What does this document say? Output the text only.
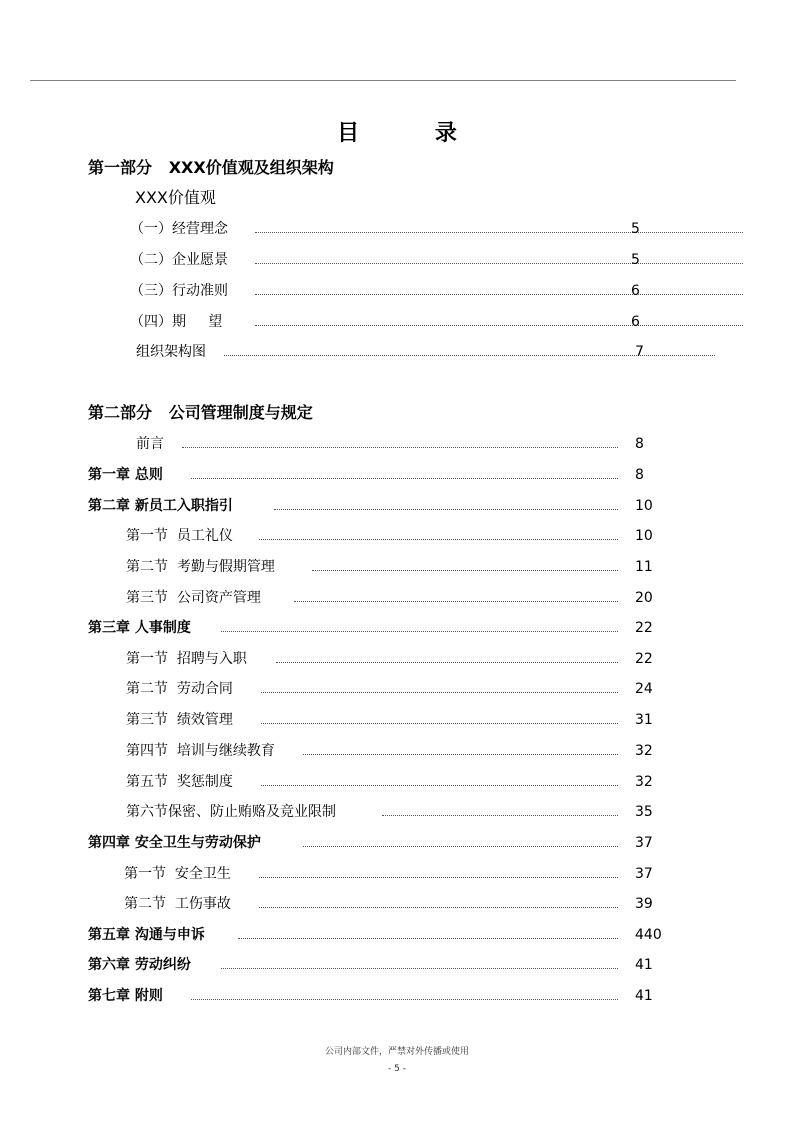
目 录
第一部分   XXX价值观及组织架构
XXX价值观
（一）经营理念	5
（二）企业愿景	5
（三）行动准则	6
（四）期     望	6
组织架构图	7
第二部分   公司管理制度与规定
前言	8
第一章 总则	8
第二章 新员工入职指引	10
第一节  员工礼仪	10
第二节  考勤与假期管理	11
第三节  公司资产管理	20
第三章 人事制度	22
第一节  招聘与入职	22
第二节  劳动合同	24
第三节  绩效管理	31
第四节  培训与继续教育	32
第五节  奖惩制度	32
第六节保密、防止贿赂及竞业限制	35
第四章 安全卫生与劳动保护	37
第一节  安全卫生	37
第二节  工伤事故	39
第五章 沟通与申诉	440
第六章 劳动纠纷	41
第七章 附则	41
公司内部文件，严禁对外传播或使用
- 5 -
